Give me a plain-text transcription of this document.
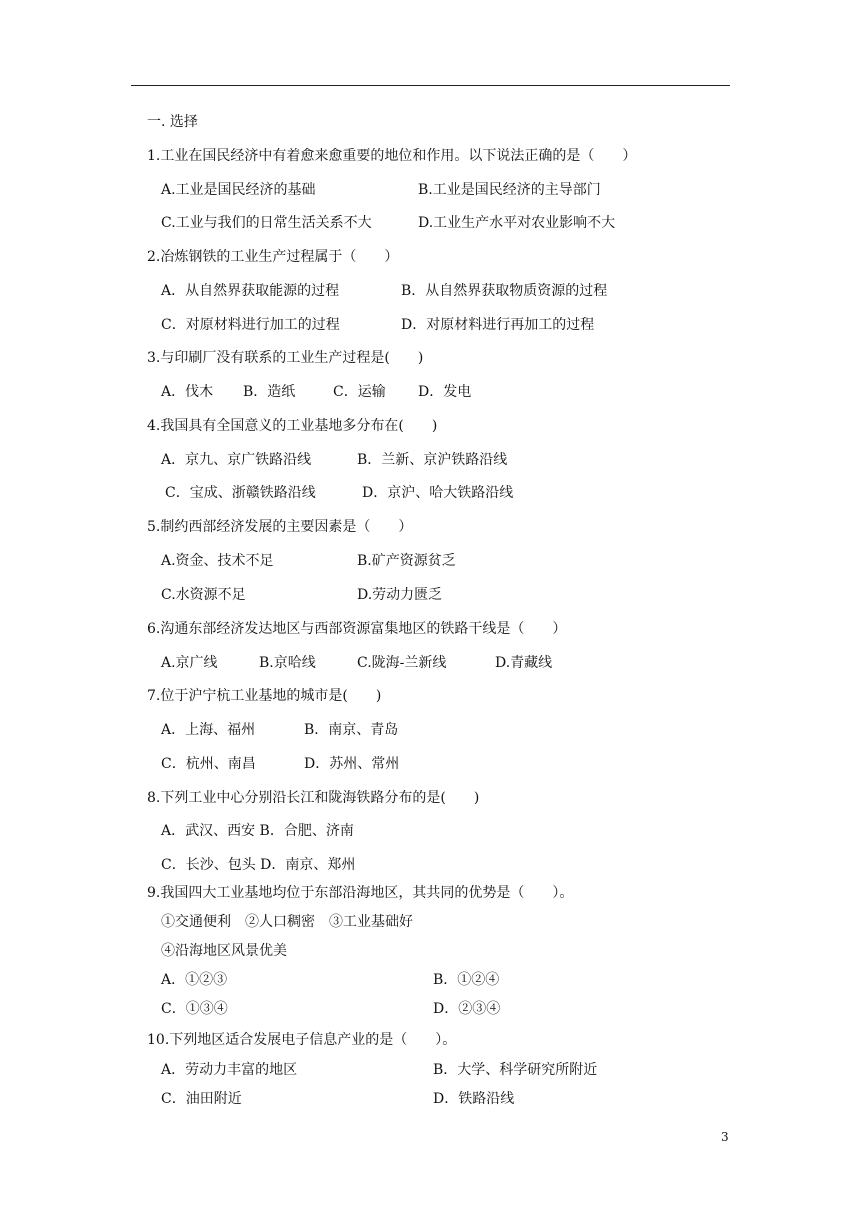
一. 选择
1.工业在国民经济中有着愈来愈重要的地位和作用。以下说法正确的是（　　）
A.工业是国民经济的基础	B.工业是国民经济的主导部门
C.工业与我们的日常生活关系不大	D.工业生产水平对农业影响不大
2.冶炼钢铁的工业生产过程属于（　　）
A．从自然界获取能源的过程	B．从自然界获取物质资源的过程
C．对原材料进行加工的过程	D．对原材料进行再加工的过程
3.与印刷厂没有联系的工业生产过程是(　　)
A．伐木 B．造纸	C．运输 D．发电
4.我国具有全国意义的工业基地多分布在(　　)
A．京九、京广铁路沿线	B．兰新、京沪铁路沿线
C．宝成、浙赣铁路沿线	D．京沪、哈大铁路沿线
5.制约西部经济发展的主要因素是（　　）
A.资金、技术不足	B.矿产资源贫乏
C.水资源不足	D.劳动力匮乏
6.沟通东部经济发达地区与西部资源富集地区的铁路干线是（　　）
A.京广线	B.京哈线	C.陇海-兰新线	D.青藏线
7.位于沪宁杭工业基地的城市是(　　)
A．上海、福州	B．南京、青岛
C．杭州、南昌	D．苏州、常州
8.下列工业中心分别沿长江和陇海铁路分布的是(　　)
A．武汉、西安 B．合肥、济南
C．长沙、包头 D．南京、郑州
9.我国四大工业基地均位于东部沿海地区，其共同的优势是（　　）。
①交通便利　②人口稠密　③工业基础好
④沿海地区风景优美
A．①②③	B．①②④
C．①③④	D．②③④
10.下列地区适合发展电子信息产业的是（　　）。
A．劳动力丰富的地区	B．大学、科学研究所附近
C．油田附近	D．铁路沿线
3
